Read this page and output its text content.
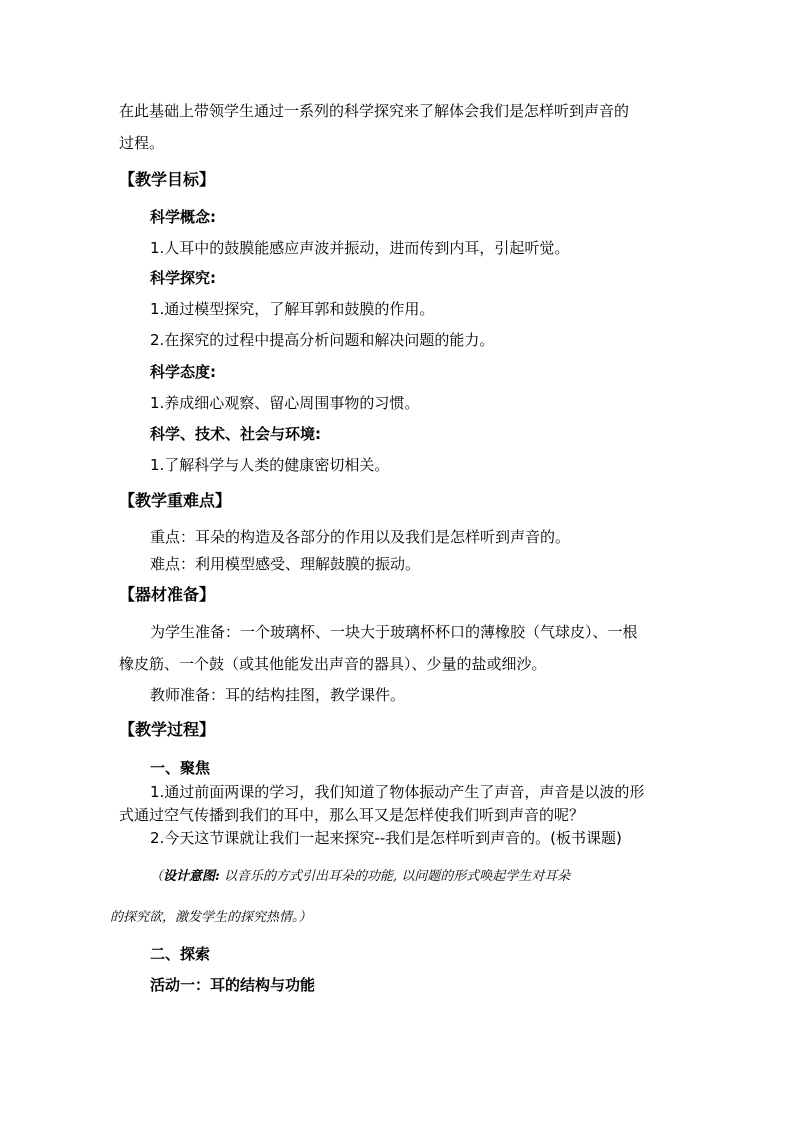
在此基础上带领学生通过一系列的科学探究来了解体会我们是怎样听到声音的
过程。
【教学目标】
科学概念:
1.人耳中的鼓膜能感应声波并振动，进而传到内耳，引起听觉。
科学探究:
1.通过模型探究，了解耳郭和鼓膜的作用。
2.在探究的过程中提高分析问题和解决问题的能力。
科学态度:
1.养成细心观察、留心周围事物的习惯。
科学、技术、社会与环境:
1.了解科学与人类的健康密切相关。
【教学重难点】
重点：耳朵的构造及各部分的作用以及我们是怎样听到声音的。
难点：利用模型感受、理解鼓膜的振动。
【器材准备】
为学生准备：一个玻璃杯、一块大于玻璃杯杯口的薄橡胶（气球皮）、一根
橡皮筋、一个鼓（或其他能发出声音的器具）、少量的盐或细沙。
教师准备：耳的结构挂图，教学课件。
【教学过程】
一、聚焦
1.通过前面两课的学习，我们知道了物体振动产生了声音，声音是以波的形
式通过空气传播到我们的耳中，那么耳又是怎样使我们听到声音的呢？
2.今天这节课就让我们一起来探究--我们是怎样听到声音的。(板书课题)
（设计意图: 以音乐的方式引出耳朵的功能, 以问题的形式唤起学生对耳朵
的探究欲，激发学生的探究热情。）
二、探索
活动一：耳的结构与功能
